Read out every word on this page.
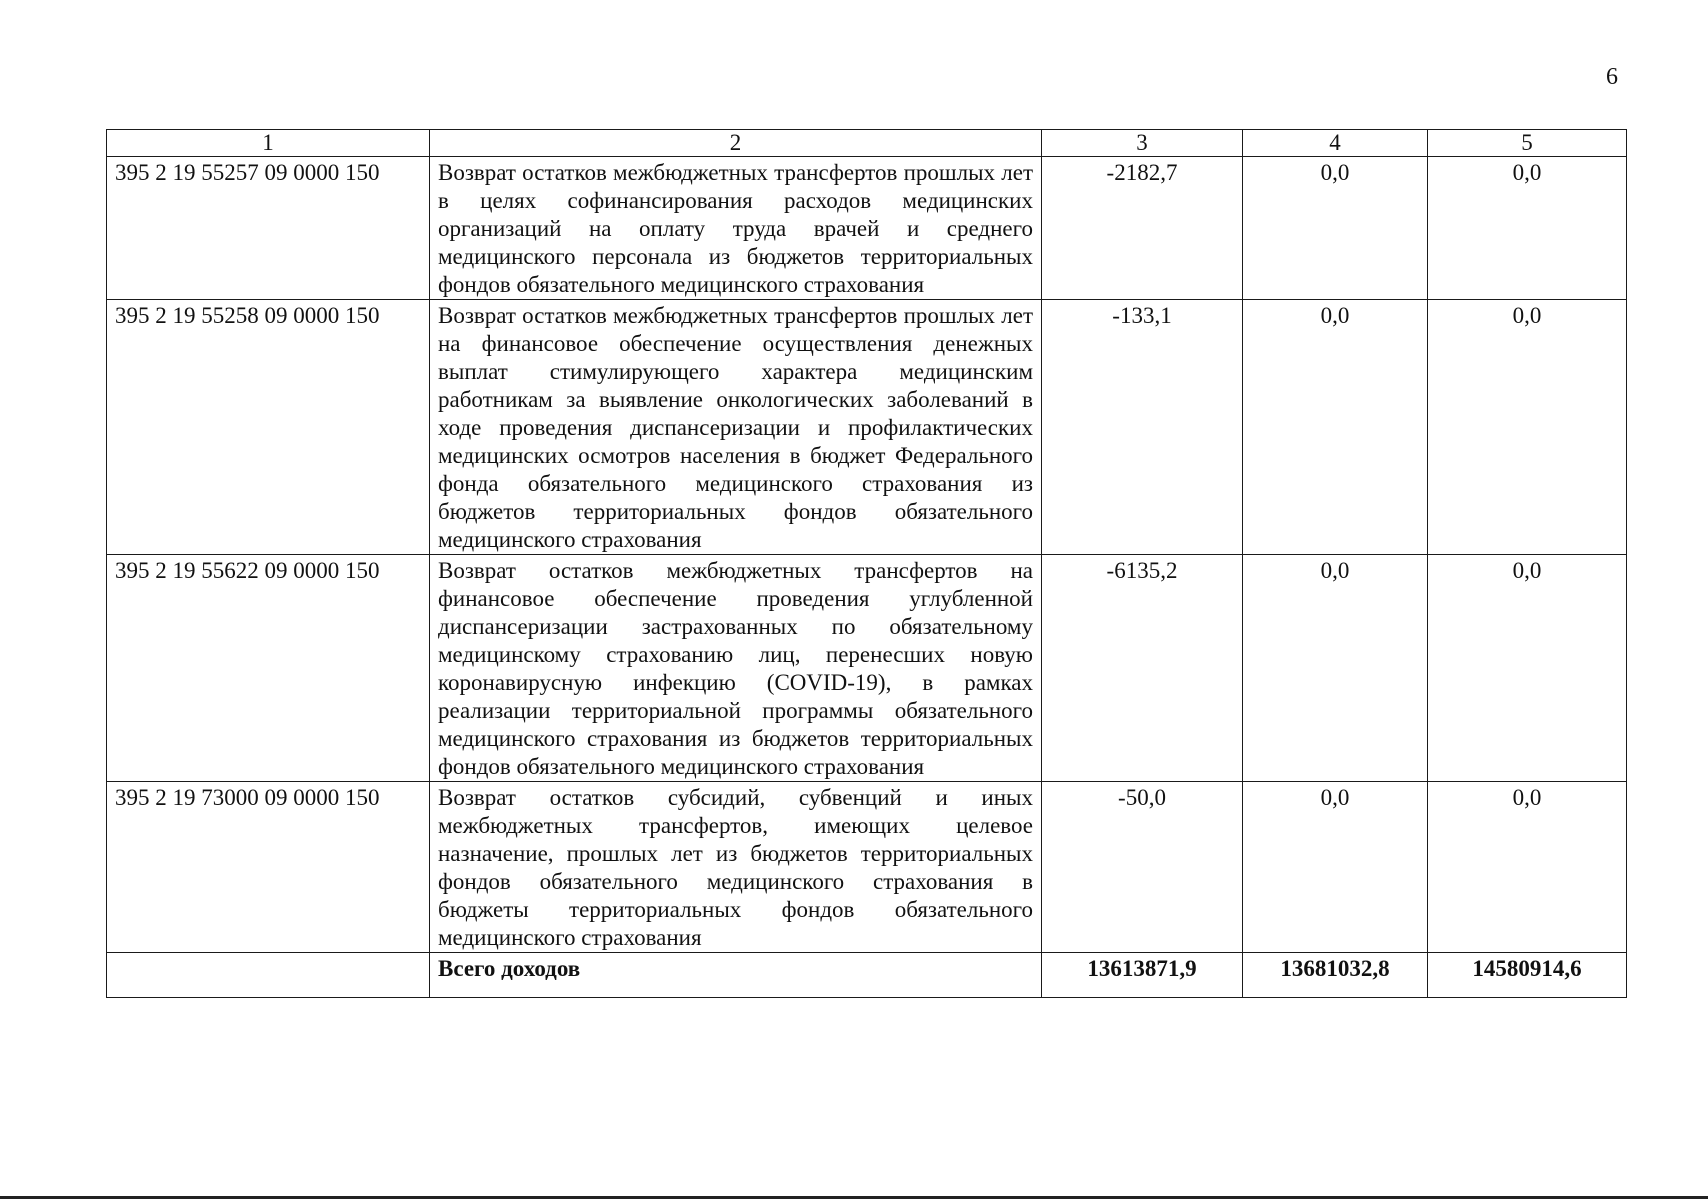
6
1	2	3	4	5
395 2 19 55257 09 0000 150	Возврат остатков межбюджетных трансфертов прошлых лет в целях софинансирования расходов медицинских организаций на оплату труда врачей и среднего медицинского персонала из бюджетов территориальных фондов обязательного медицинского страхования	-2182,7	0,0	0,0
395 2 19 55258 09 0000 150	Возврат остатков межбюджетных трансфертов прошлых лет на финансовое обеспечение осуществления денежных выплат стимулирующего характера медицинским работникам за выявление онкологических заболеваний в ходе проведения диспансеризации и профилактических медицинских осмотров населения в бюджет Федерального фонда обязательного медицинского страхования из бюджетов территориальных фондов обязательного медицинского страхования	-133,1	0,0	0,0
395 2 19 55622 09 0000 150	Возврат остатков межбюджетных трансфертов на финансовое обеспечение проведения углубленной диспансеризации застрахованных по обязательному медицинскому страхованию лиц, перенесших новую коронавирусную инфекцию (COVID-19), в рамках реализации территориальной программы обязательного медицинского страхования из бюджетов территориальных фондов обязательного медицинского страхования	-6135,2	0,0	0,0
395 2 19 73000 09 0000 150	Возврат остатков субсидий, субвенций и иных межбюджетных трансфертов, имеющих целевое назначение, прошлых лет из бюджетов территориальных фондов обязательного медицинского страхования в бюджеты территориальных фондов обязательного медицинского страхования	-50,0	0,0	0,0
	Всего доходов	13613871,9	13681032,8	14580914,6
